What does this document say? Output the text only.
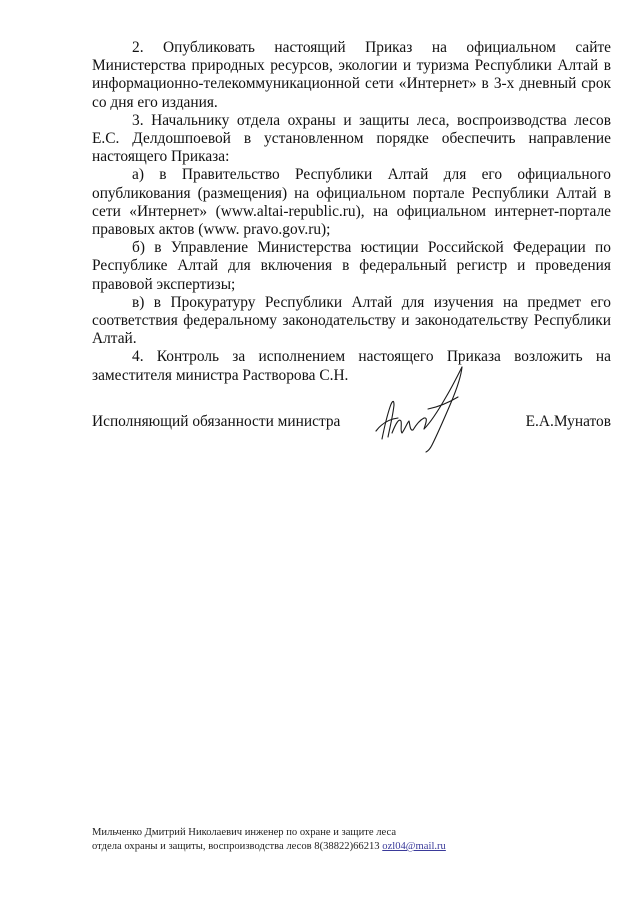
2. Опубликовать настоящий Приказ на официальном сайте Министерства природных ресурсов, экологии и туризма Республики Алтай в информационно-телекоммуникационной сети «Интернет» в 3-х дневный срок со дня его издания.

3. Начальнику отдела охраны и защиты леса, воспроизводства лесов Е.С. Делдошпоевой в установленном порядке обеспечить направление настоящего Приказа:

а) в Правительство Республики Алтай для его официального опубликования (размещения) на официальном портале Республики Алтай в сети «Интернет» (www.altai-republic.ru), на официальном интернет-портале правовых актов (www. pravo.gov.ru);

б) в Управление Министерства юстиции Российской Федерации по Республике Алтай для включения в федеральный регистр и проведения правовой экспертизы;

в) в Прокуратуру Республики Алтай для изучения на предмет его соответствия федеральному законодательству и законодательству Республики Алтай.

4. Контроль за исполнением настоящего Приказа возложить на заместителя министра Растворова С.Н.

Исполняющий обязанности министра	Е.А.Мунатов
Мильченко Дмитрий Николаевич инженер по охране и защите леса
отдела охраны и защиты, воспроизводства лесов 8(38822)66213 ozl04@mail.ru
